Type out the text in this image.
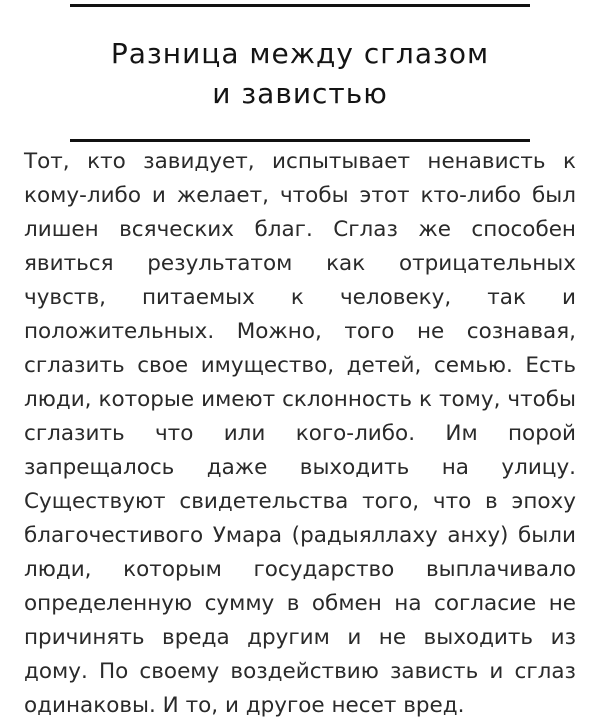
Разница между сглазом
и завистью

Тот, кто завидует, испытывает ненависть к кому-либо и желает, чтобы этот кто-либо был лишен всяческих благ. Сглаз же способен явиться результатом как отрицательных чувств, питаемых к человеку, так и положительных. Можно, того не сознавая, сглазить свое имущество, детей, семью. Есть люди, которые имеют склонность к тому, чтобы сглазить что или кого-либо. Им порой запрещалось даже выходить на улицу. Существуют свидетельства того, что в эпоху благочестивого Умара (радыяллаху анху) были люди, которым государство выплачивало определенную сумму в обмен на согласие не причинять вреда другим и не выходить из дому. По своему воздействию зависть и сглаз одинаковы. И то, и другое несет вред.
